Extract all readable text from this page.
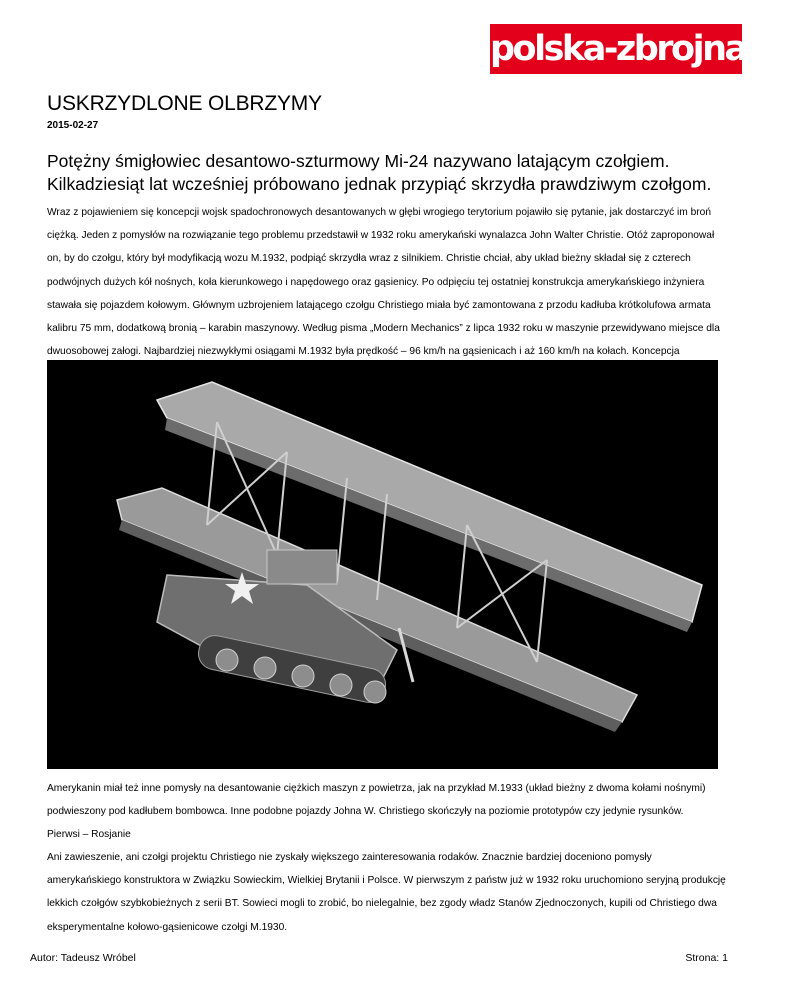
polska-zbrojna.pl
USKRZYDLONE OLBRZYMY
2015-02-27
Potężny śmigłowiec desantowo-szturmowy Mi-24 nazywano latającym czołgiem. Kilkadziesiąt lat wcześniej próbowano jednak przypiąć skrzydła prawdziwym czołgom.

Wraz z pojawieniem się koncepcji wojsk spadochronowych desantowanych w głębi wrogiego terytorium pojawiło się pytanie, jak dostarczyć im broń ciężką. Jeden z pomysłów na rozwiązanie tego problemu przedstawił w 1932 roku amerykański wynalazca John Walter Christie. Otóż zaproponował on, by do czołgu, który był modyfikacją wozu M.1932, podpiąć skrzydła wraz z silnikiem. Christie chciał, aby układ bieżny składał się z czterech podwójnych dużych kół nośnych, koła kierunkowego i napędowego oraz gąsienicy. Po odpięciu tej ostatniej konstrukcja amerykańskiego inżyniera stawała się pojazdem kołowym. Głównym uzbrojeniem latającego czołgu Christiego miała być zamontowana z przodu kadłuba krótkolufowa armata kalibru 75 mm, dodatkową bronią – karabin maszynowy. Według pisma „Modern Mechanics” z lipca 1932 roku w maszynie przewidywano miejsce dla dwuosobowej załogi. Najbardziej niezwykłymi osiągami M.1932 była prędkość – 96 km/h na gąsienicach i aż 160 km/h na kołach. Koncepcja

Amerykanin miał też inne pomysły na desantowanie ciężkich maszyn z powietrza, jak na przykład M.1933 (układ bieżny z dwoma kołami nośnymi) podwieszony pod kadłubem bombowca. Inne podobne pojazdy Johna W. Christiego skończyły na poziomie prototypów czy jedynie rysunków.

Pierwsi – Rosjanie

Ani zawieszenie, ani czołgi projektu Christiego nie zyskały większego zainteresowania rodaków. Znacznie bardziej doceniono pomysły amerykańskiego konstruktora w Związku Sowieckim, Wielkiej Brytanii i Polsce. W pierwszym z państw już w 1932 roku uruchomiono seryjną produkcję lekkich czołgów szybkobieżnych z serii BT. Sowieci mogli to zrobić, bo nielegalnie, bez zgody władz Stanów Zjednoczonych, kupili od Christiego dwa eksperymentalne kołowo-gąsienicowe czołgi M.1930.

Autor: Tadeusz Wróbel	Strona: 1
